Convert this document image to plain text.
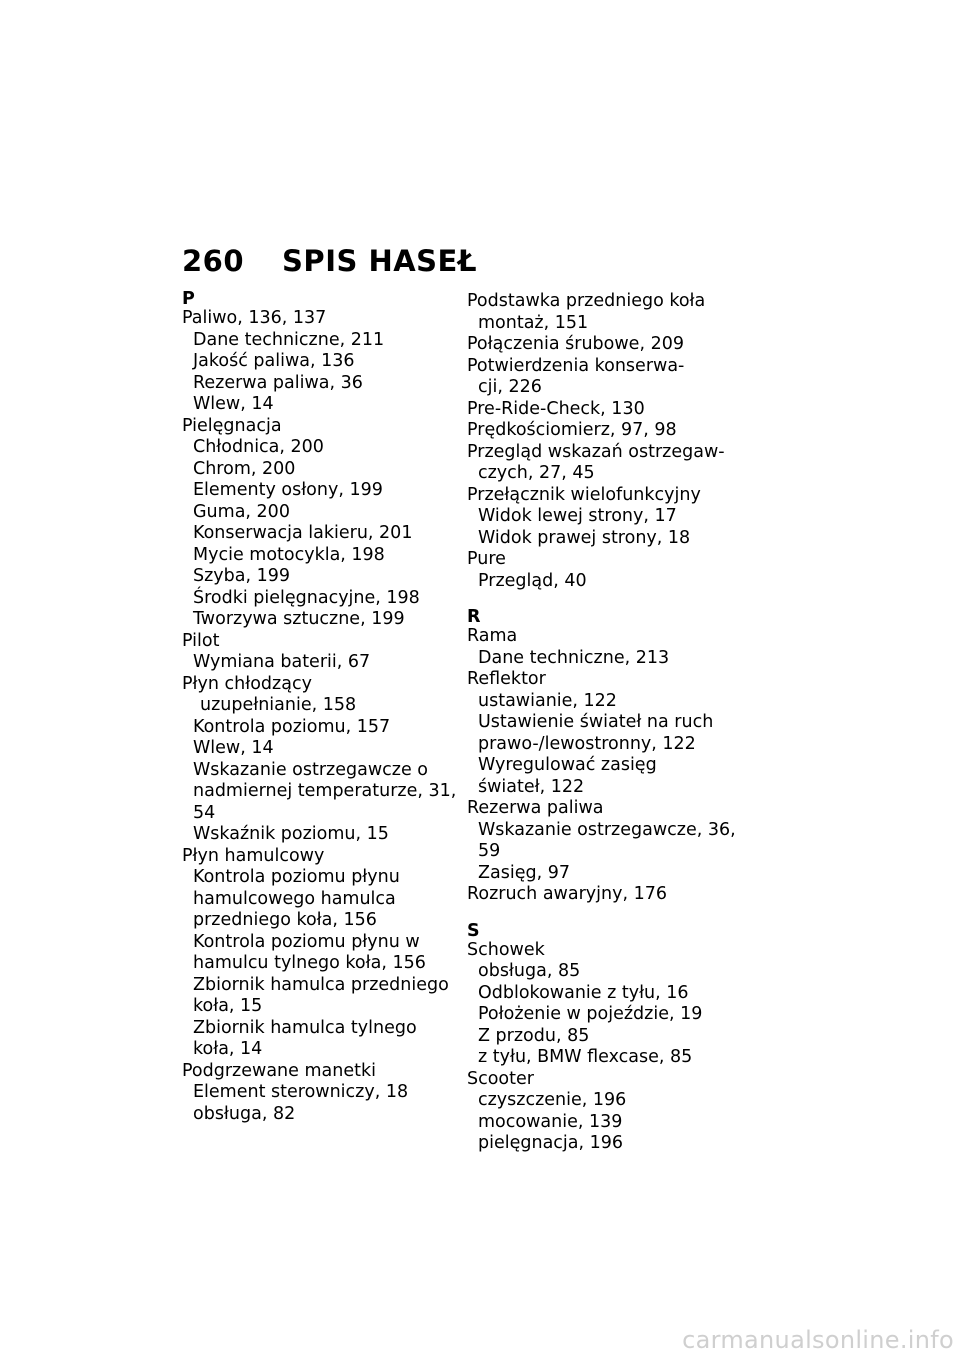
260 SPIS HASEŁ
P
Paliwo, 136, 137
Dane techniczne, 211
Jakość paliwa, 136
Rezerwa paliwa, 36
Wlew, 14
Pielęgnacja
Chłodnica, 200
Chrom, 200
Elementy osłony, 199
Guma, 200
Konserwacja lakieru, 201
Mycie motocykla, 198
Szyba, 199
Środki pielęgnacyjne, 198
Tworzywa sztuczne, 199
Pilot
Wymiana baterii, 67
Płyn chłodzący
uzupełnianie, 158
Kontrola poziomu, 157
Wlew, 14
Wskazanie ostrzegawcze o
nadmiernej temperaturze, 31,
54
Wskaźnik poziomu, 15
Płyn hamulcowy
Kontrola poziomu płynu
hamulcowego hamulca
przedniego koła, 156
Kontrola poziomu płynu w
hamulcu tylnego koła, 156
Zbiornik hamulca przedniego
koła, 15
Zbiornik hamulca tylnego
koła, 14
Podgrzewane manetki
Element sterowniczy, 18
obsługa, 82
Podstawka przedniego koła
montaż, 151
Połączenia śrubowe, 209
Potwierdzenia konserwa-
cji, 226
Pre-Ride-Check, 130
Prędkościomierz, 97, 98
Przegląd wskazań ostrzegaw-
czych, 27, 45
Przełącznik wielofunkcyjny
Widok lewej strony, 17
Widok prawej strony, 18
Pure
Przegląd, 40
R
Rama
Dane techniczne, 213
Reflektor
ustawianie, 122
Ustawienie świateł na ruch
prawo-/lewostronny, 122
Wyregulować zasięg
świateł, 122
Rezerwa paliwa
Wskazanie ostrzegawcze, 36,
59
Zasięg, 97
Rozruch awaryjny, 176
S
Schowek
obsługa, 85
Odblokowanie z tyłu, 16
Położenie w pojeździe, 19
Z przodu, 85
z tyłu, BMW flexcase, 85
Scooter
czyszczenie, 196
mocowanie, 139
pielęgnacja, 196
carmanualsonline.info
